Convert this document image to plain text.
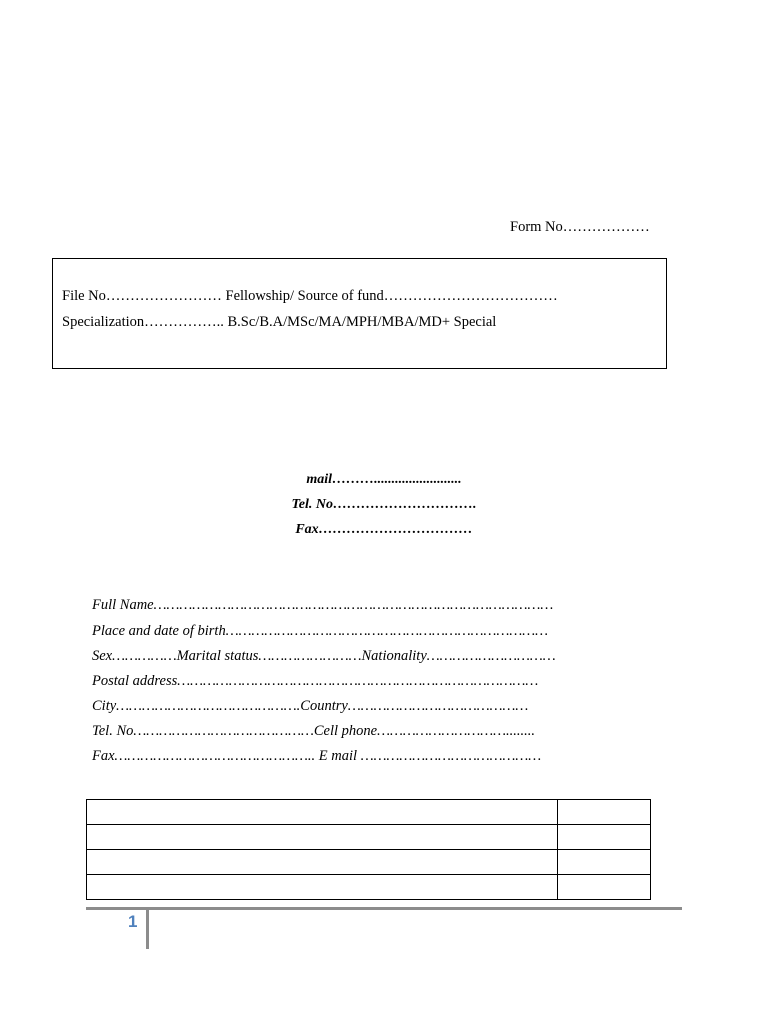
Form No………………
File No…………………… Fellowship/ Source of fund………………………………
Specialization…………….. B.Sc/B.A/MSc/MA/MPH/MBA/MD+ Special
mail……….........................
Tel. No………………………….
Fax……………………………
Full Name…………………………………………………………………………………
Place and date of birth…………………………………………………………………
Sex……………Marital status……………………Nationality…………………………
Postal address…………………………………………………………………………
City…………………………………….Country……………………………………
Tel. No……………………………………Cell phone…………………………........
Fax……………………………………….. E mail ……………………………………

1
